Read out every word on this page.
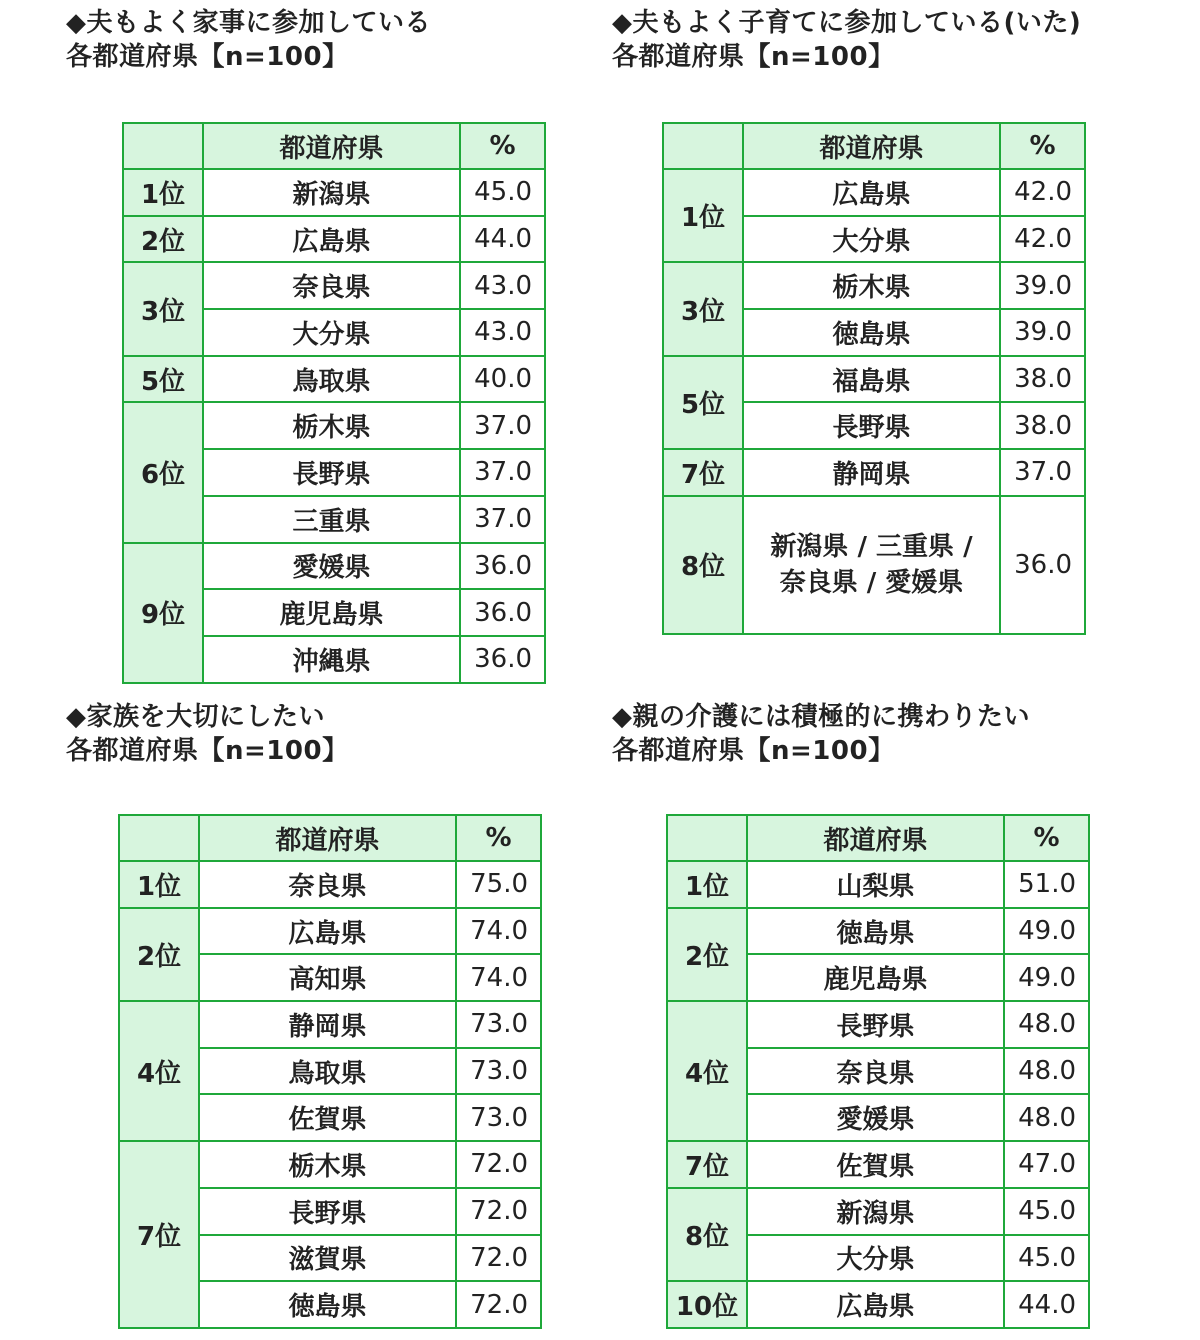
◆夫もよく家事に参加している
各都道府県【n=100】
	都道府県	%
1位	新潟県	45.0
2位	広島県	44.0
3位	奈良県	43.0
	大分県	43.0
5位	鳥取県	40.0
6位	栃木県	37.0
	長野県	37.0
	三重県	37.0
9位	愛媛県	36.0
	鹿児島県	36.0
	沖縄県	36.0
◆夫もよく子育てに参加している(いた)
各都道府県【n=100】
	都道府県	%
1位	広島県	42.0
	大分県	42.0
3位	栃木県	39.0
	徳島県	39.0
5位	福島県	38.0
	長野県	38.0
7位	静岡県	37.0
8位	新潟県 / 三重県 /
奈良県 / 愛媛県	36.0
◆家族を大切にしたい
各都道府県【n=100】
	都道府県	%
1位	奈良県	75.0
2位	広島県	74.0
	高知県	74.0
4位	静岡県	73.0
	鳥取県	73.0
	佐賀県	73.0
7位	栃木県	72.0
	長野県	72.0
	滋賀県	72.0
	徳島県	72.0
◆親の介護には積極的に携わりたい
各都道府県【n=100】
	都道府県	%
1位	山梨県	51.0
2位	徳島県	49.0
	鹿児島県	49.0
4位	長野県	48.0
	奈良県	48.0
	愛媛県	48.0
7位	佐賀県	47.0
8位	新潟県	45.0
	大分県	45.0
10位	広島県	44.0
